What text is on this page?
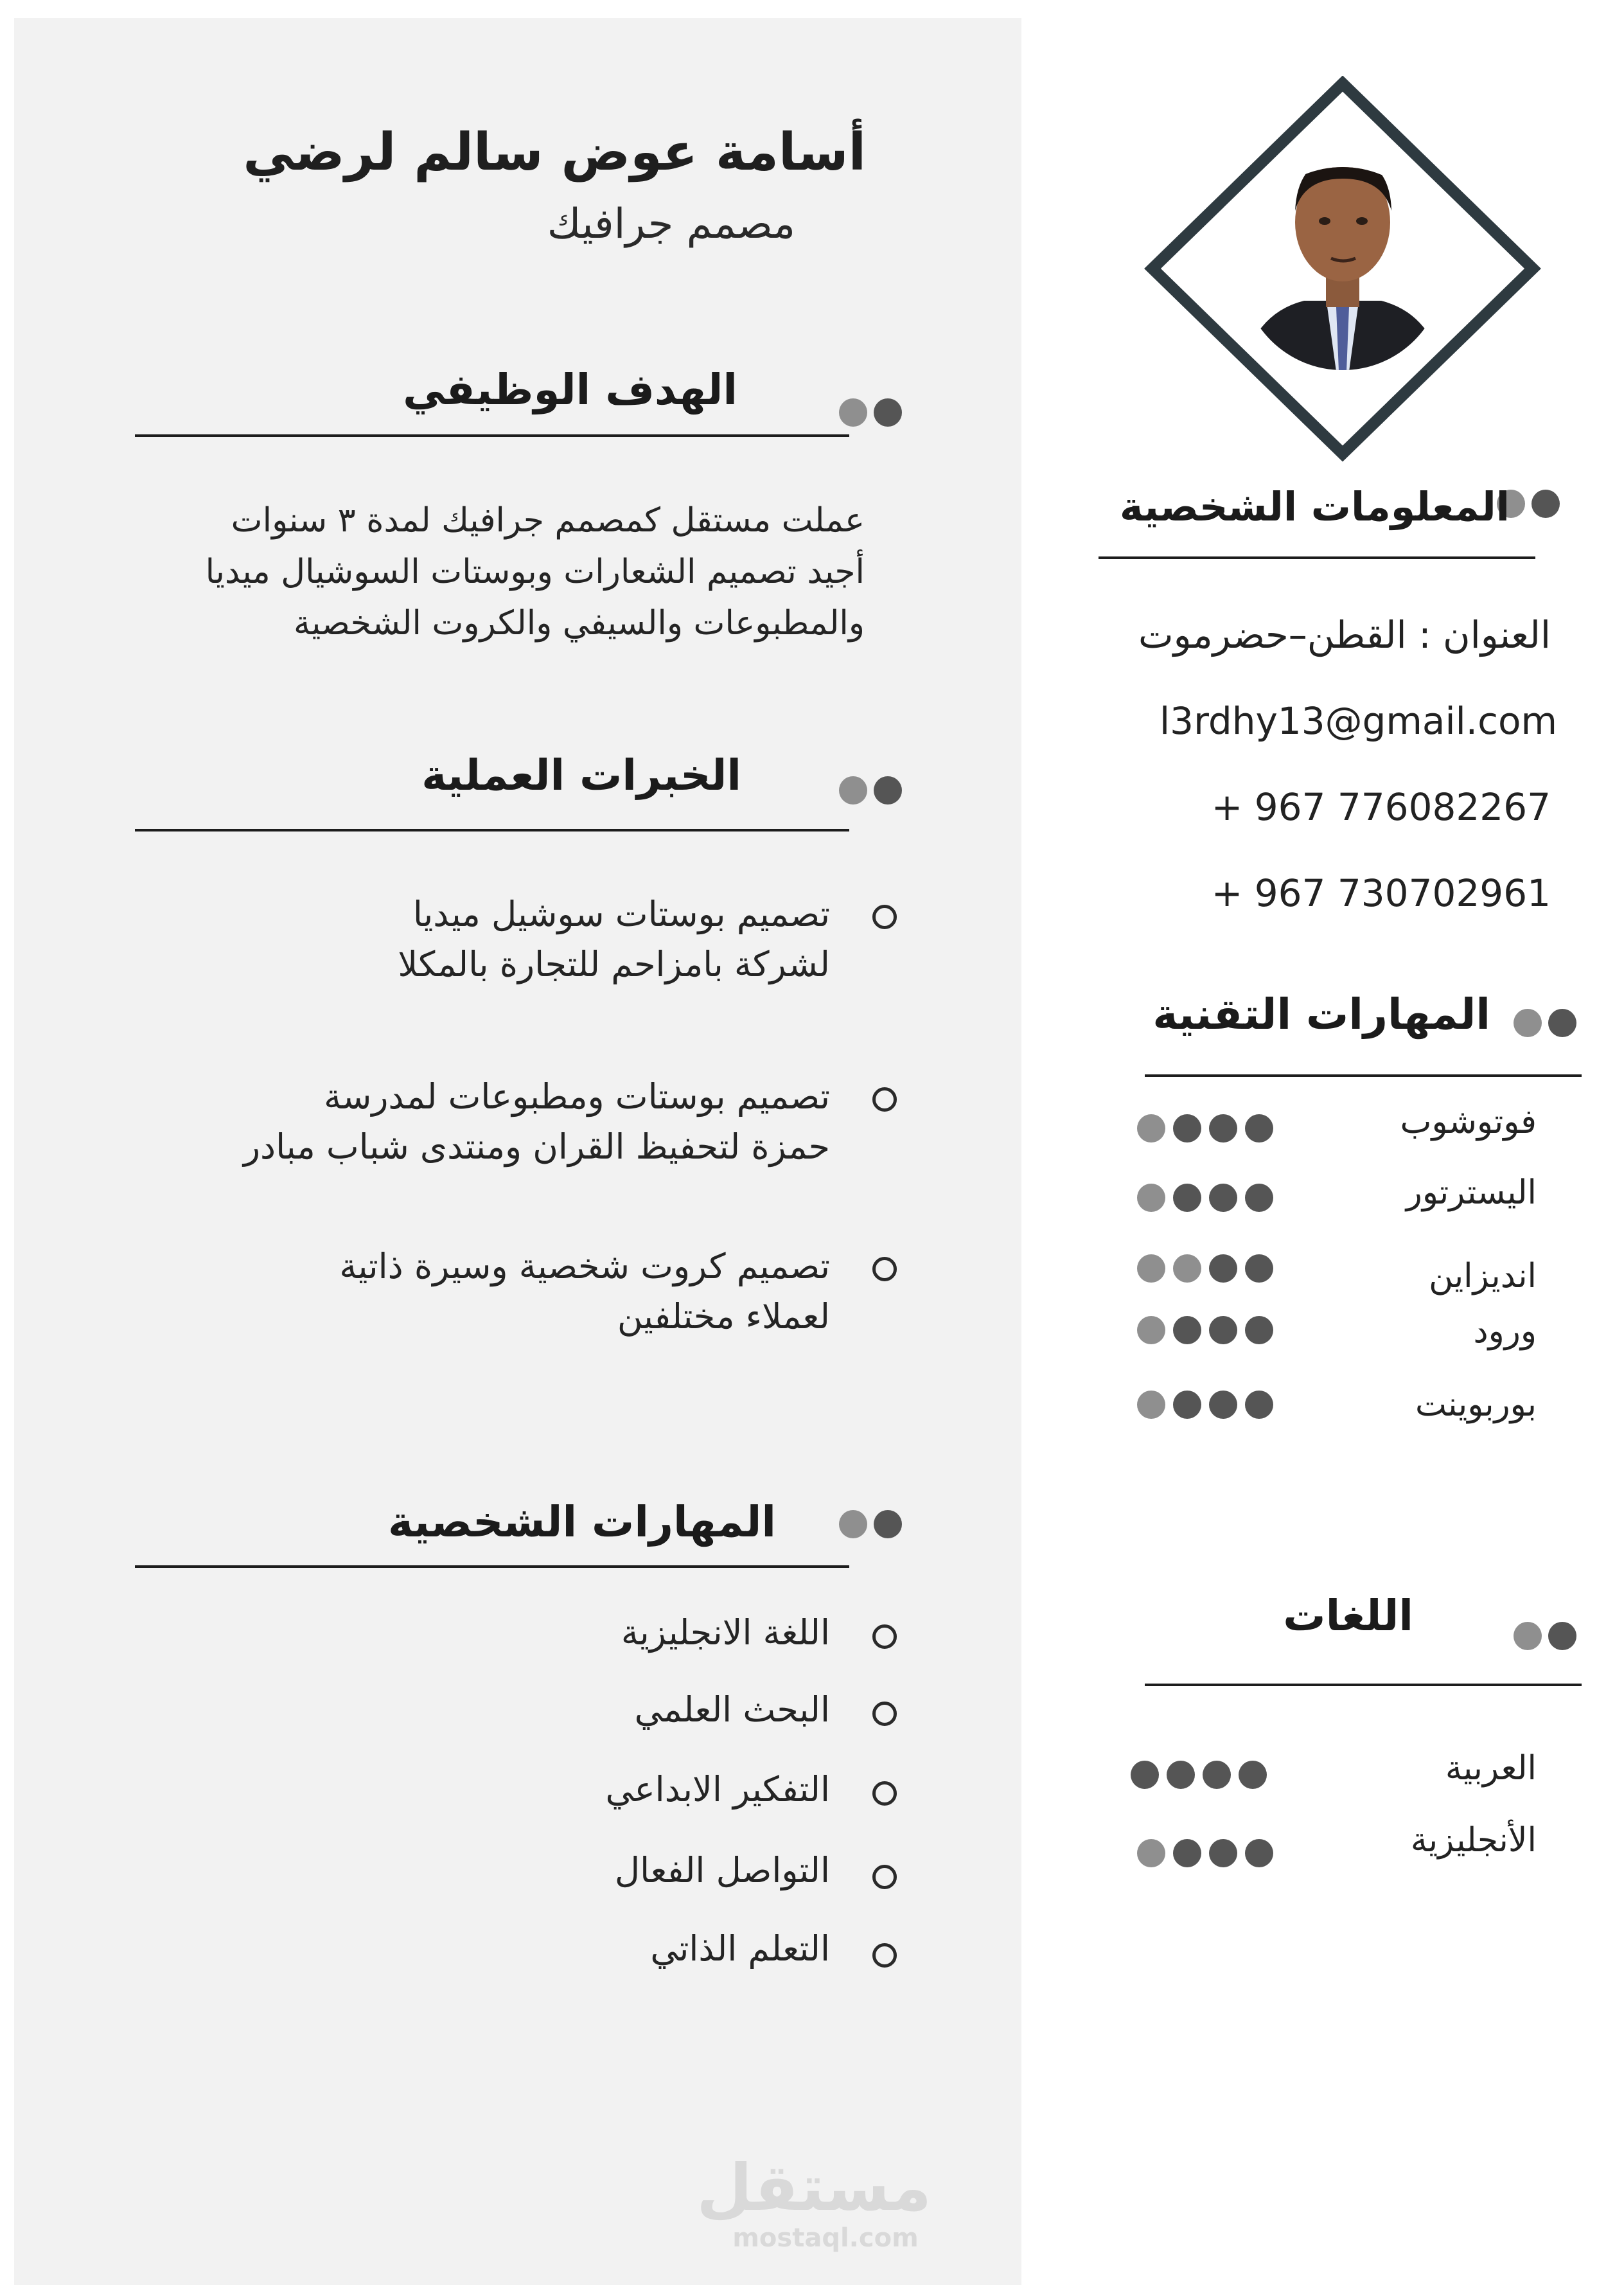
أسامة عوض سالم لرضي
مصمم جرافيك
الهدف الوظيفي
عملت مستقل كمصمم جرافيك لمدة ٣ سنوات
أجيد تصميم الشعارات وبوستات السوشيال ميديا
والمطبوعات والسيفي والكروت الشخصية
الخبرات العملية
تصميم بوستات سوشيل ميديا
لشركة بامزاحم للتجارة بالمكلا
تصميم بوستات ومطبوعات لمدرسة
حمزة لتحفيظ القران ومنتدى شباب مبادر
تصميم كروت شخصية وسيرة ذاتية
لعملاء مختلفين
المهارات الشخصية
اللغة الانجليزية
البحث العلمي
التفكير الابداعي
التواصل الفعال
التعلم الذاتي
مستقل
mostaql.com
المعلومات الشخصية
العنوان : القطن–حضرموت
l3rdhy13@gmail.com
+ 967 776082267
+ 967 730702961
المهارات التقنية
فوتوشوب
اليسترتور
انديزاين
ورود
بوربوينت
اللغات
العربية
الأنجليزية
